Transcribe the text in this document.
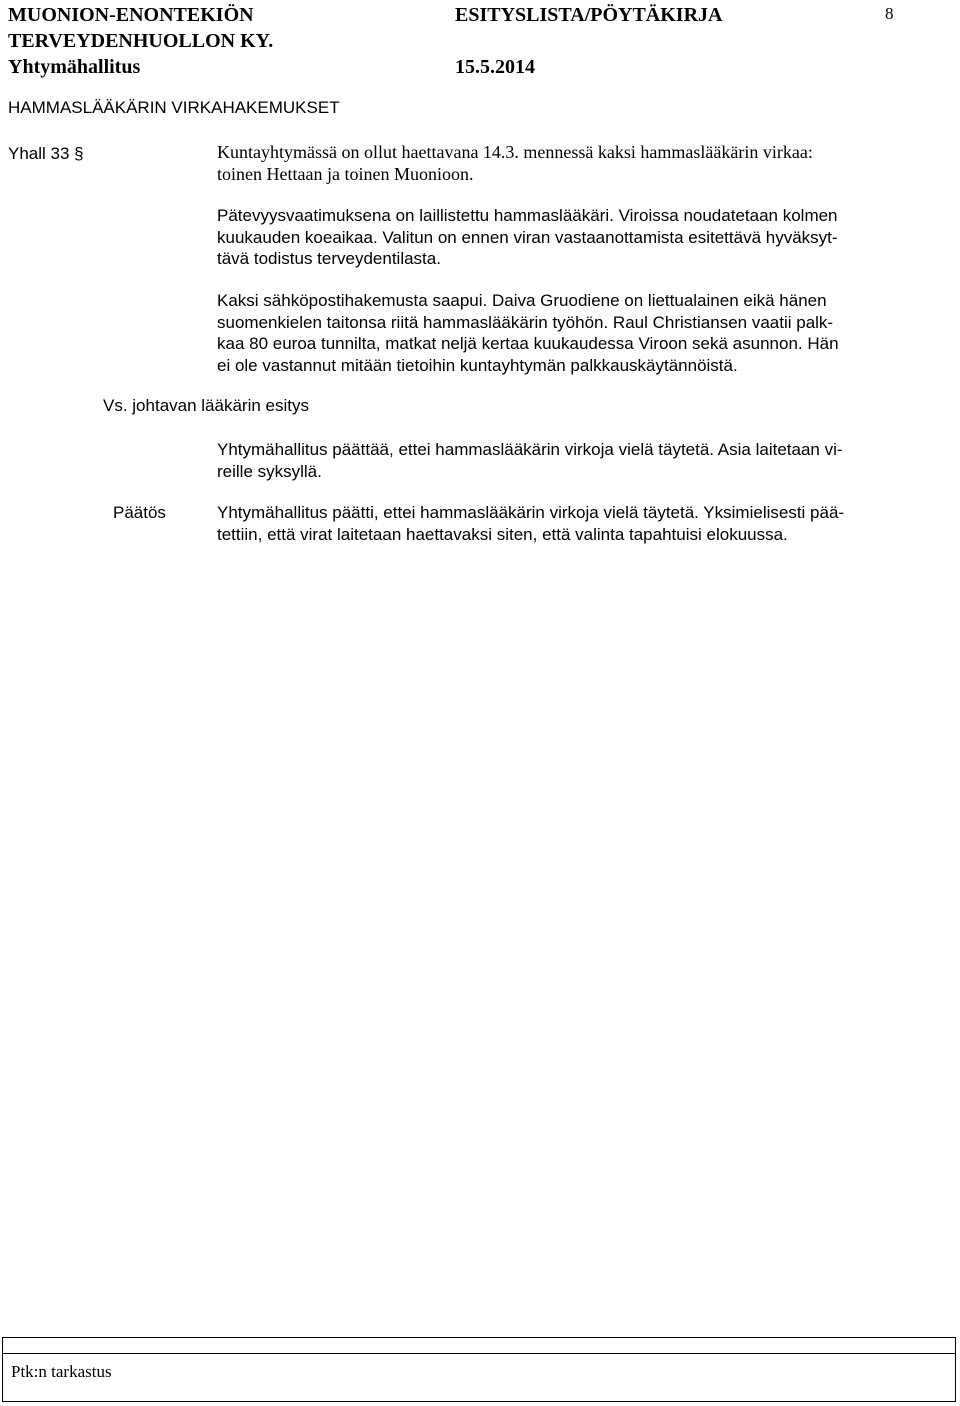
MUONION-ENONTEKIÖN
TERVEYDENHUOLLON KY.
Yhtymähallitus
ESITYSLISTA/PÖYTÄKIRJA
15.5.2014
8
HAMMASLÄÄKÄRIN VIRKAHAKEMUKSET
Yhall 33 §	Kuntayhtymässä on ollut haettavana 14.3. mennessä kaksi hammaslääkärin virkaa:
toinen Hettaan ja toinen Muonioon.
Pätevyysvaatimuksena on laillistettu hammaslääkäri. Viroissa noudatetaan kolmen
kuukauden koeaikaa. Valitun on ennen viran vastaanottamista esitettävä hyväksyt-
tävä todistus terveydentilasta.
Kaksi sähköpostihakemusta saapui. Daiva Gruodiene on liettualainen eikä hänen
suomenkielen taitonsa riitä hammaslääkärin työhön. Raul Christiansen vaatii palk-
kaa 80 euroa tunnilta, matkat neljä kertaa kuukaudessa Viroon sekä asunnon. Hän
ei ole vastannut mitään tietoihin kuntayhtymän palkkauskäytännöistä.
Vs. johtavan lääkärin esitys
Yhtymähallitus päättää, ettei hammaslääkärin virkoja vielä täytetä. Asia laitetaan vi-
reille syksyllä.
Päätös	Yhtymähallitus päätti, ettei hammaslääkärin virkoja vielä täytetä. Yksimielisesti pää-
tettiin, että virat laitetaan haettavaksi siten, että valinta tapahtuisi elokuussa.
Ptk:n tarkastus
